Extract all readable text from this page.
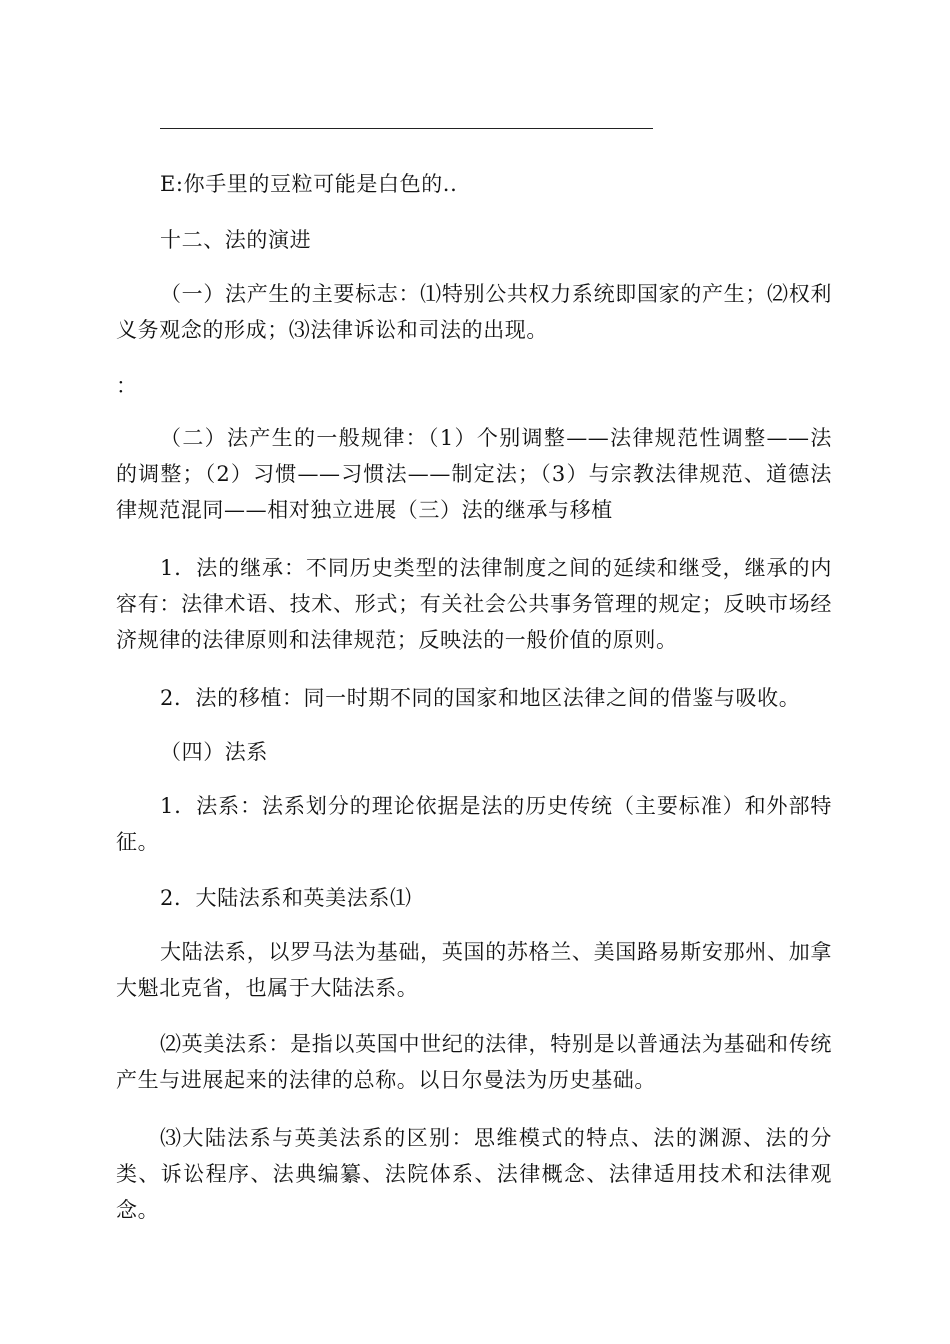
E:你手里的豆粒可能是白色的..

十二、法的演进

（一）法产生的主要标志：⑴特别公共权力系统即国家的产生；⑵权利义务观念的形成；⑶法律诉讼和司法的出现。

：

（二）法产生的一般规律：（1）个别调整——法律规范性调整——法的调整；（2）习惯——习惯法——制定法；（3）与宗教法律规范、道德法律规范混同——相对独立进展（三）法的继承与移植

1．法的继承：不同历史类型的法律制度之间的延续和继受，继承的内容有：法律术语、技术、形式；有关社会公共事务管理的规定；反映市场经济规律的法律原则和法律规范；反映法的一般价值的原则。

2．法的移植：同一时期不同的国家和地区法律之间的借鉴与吸收。

（四）法系

1．法系：法系划分的理论依据是法的历史传统（主要标准）和外部特征。

2．大陆法系和英美法系⑴

大陆法系，以罗马法为基础，英国的苏格兰、美国路易斯安那州、加拿大魁北克省，也属于大陆法系。

⑵英美法系：是指以英国中世纪的法律，特别是以普通法为基础和传统产生与进展起来的法律的总称。以日尔曼法为历史基础。

⑶大陆法系与英美法系的区别：思维模式的特点、法的渊源、法的分类、诉讼程序、法典编纂、法院体系、法律概念、法律适用技术和法律观念。
